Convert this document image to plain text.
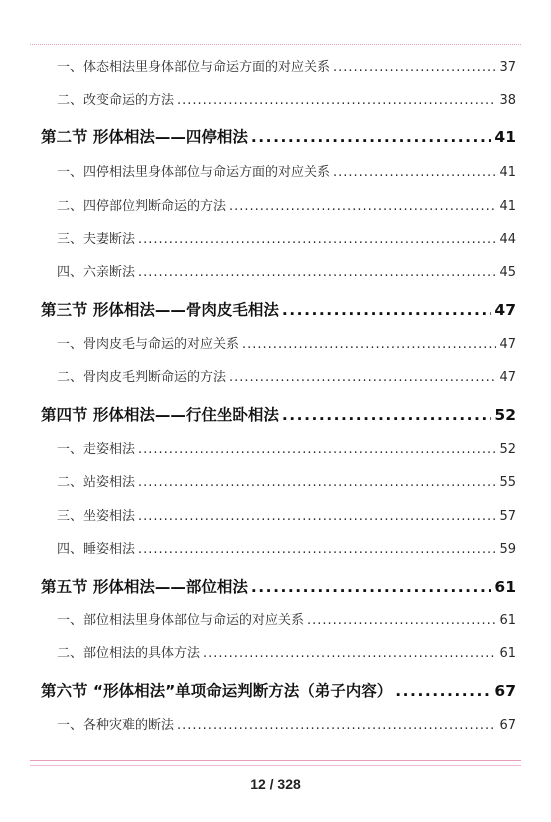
一、体态相法里身体部位与命运方面的对应关系 .....	37
二、改变命运的方法 .....	38
第二节 形体相法——四停相法 .....	41
一、四停相法里身体部位与命运方面的对应关系 .....	41
二、四停部位判断命运的方法 .....	41
三、夫妻断法 .....	44
四、六亲断法 .....	45
第三节 形体相法——骨肉皮毛相法 .....	47
一、骨肉皮毛与命运的对应关系 .....	47
二、骨肉皮毛判断命运的方法 .....	47
第四节 形体相法——行住坐卧相法 .....	52
一、走姿相法 .....	52
二、站姿相法 .....	55
三、坐姿相法 .....	57
四、睡姿相法 .....	59
第五节 形体相法——部位相法 .....	61
一、部位相法里身体部位与命运的对应关系 .....	61
二、部位相法的具体方法 .....	61
第六节 “形体相法”单项命运判断方法（弟子内容） .....	67
一、各种灾难的断法 .....	67
12 / 328
